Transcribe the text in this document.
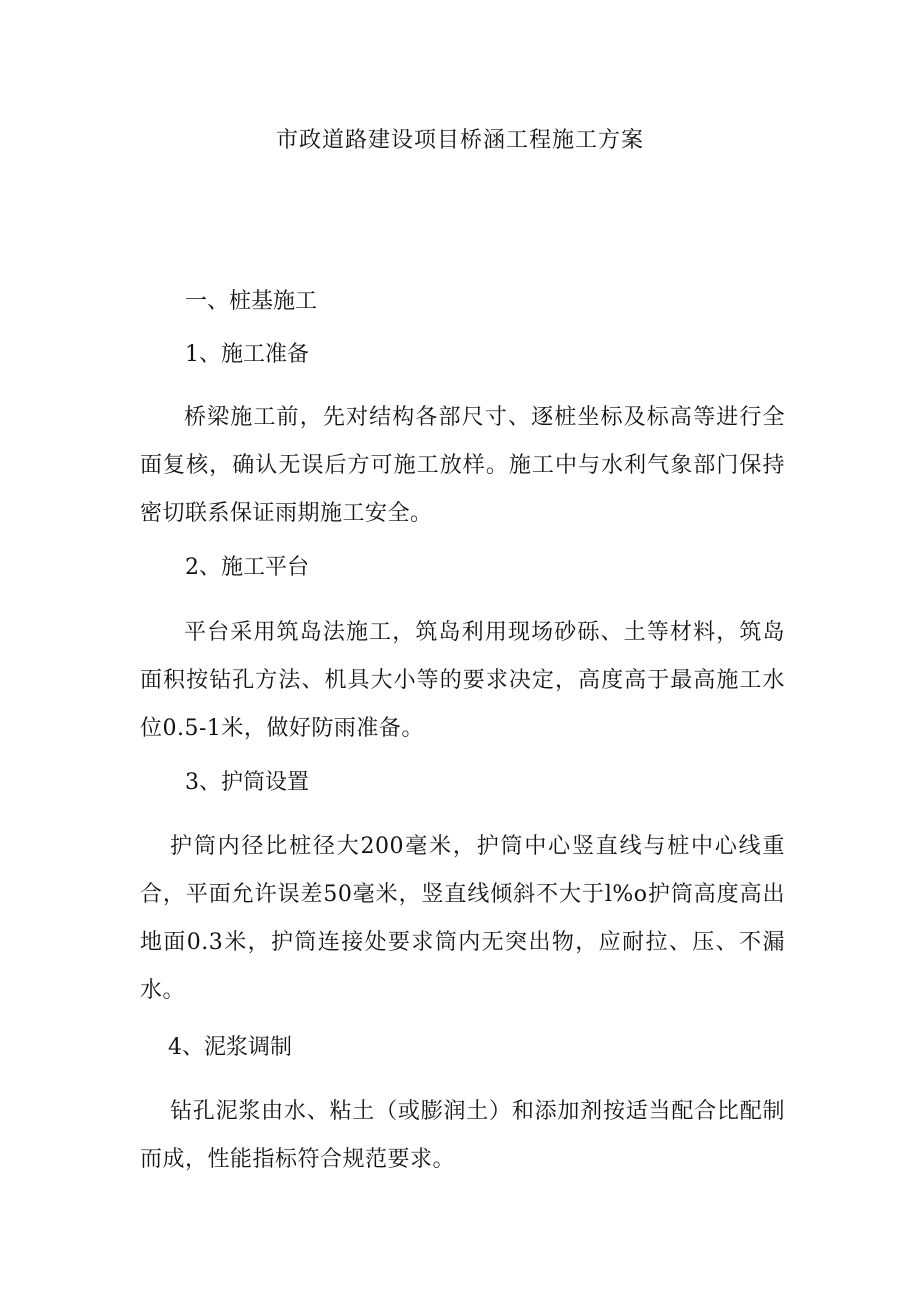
市政道路建设项目桥涵工程施工方案
一、桩基施工
1、施工准备
桥梁施工前，先对结构各部尺寸、逐桩坐标及标高等进行全面复核，确认无误后方可施工放样。施工中与水利气象部门保持密切联系保证雨期施工安全。
2、施工平台
平台采用筑岛法施工，筑岛利用现场砂砾、土等材料，筑岛面积按钻孔方法、机具大小等的要求决定，高度高于最高施工水位0.5-1米，做好防雨准备。
3、护筒设置
护筒内径比桩径大200毫米，护筒中心竖直线与桩中心线重合，平面允许误差50毫米，竖直线倾斜不大于l%o护筒高度高出地面0.3米，护筒连接处要求筒内无突出物，应耐拉、压、不漏水。
4、泥浆调制
钻孔泥浆由水、粘土（或膨润土）和添加剂按适当配合比配制而成，性能指标符合规范要求。
